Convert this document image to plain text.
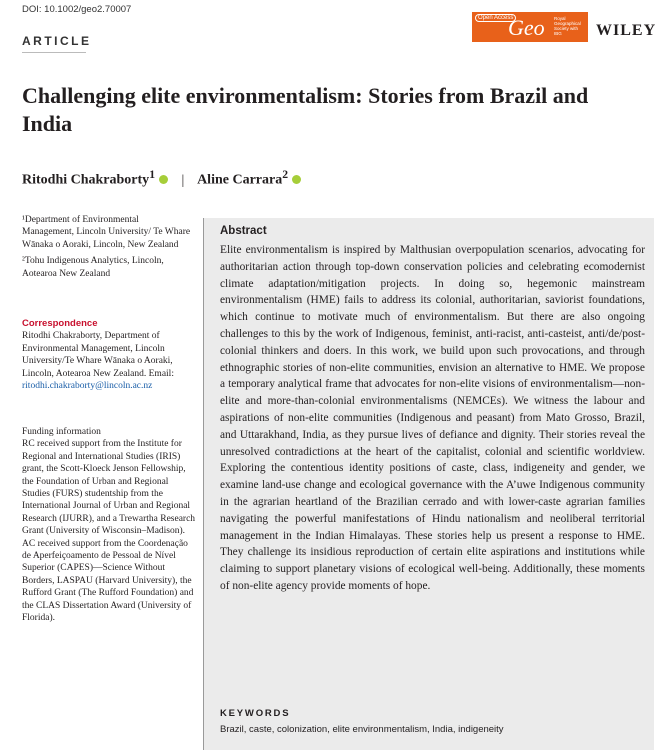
DOI: 10.1002/geo2.70007
ARTICLE
Open Access
Geo Royal Geographical Society with IBG	WILEY
Challenging elite environmentalism: Stories from Brazil and India
Ritodhi Chakraborty$^1$ | Aline Carrara$^2$

¹Department of Environmental Management, Lincoln University/ Te Whare Wānaka o Aoraki, Lincoln, New Zealand

²Tohu Indigenous Analytics, Lincoln, Aotearoa New Zealand

Correspondence
Ritodhi Chakraborty, Department of Environmental Management, Lincoln University/Te Whare Wānaka o Aoraki, Lincoln, Aotearoa New Zealand. Email: ritodhi.chakraborty@lincoln.ac.nz
Funding information
RC received support from the Institute for Regional and International Studies (IRIS) grant, the Scott-Kloeck Jenson Fellowship, the Foundation of Urban and Regional Studies (FURS) studentship from the International Journal of Urban and Regional Research (IJURR), and a Trewartha Research Grant (University of Wisconsin–Madison). AC received support from the Coordenação de Aperfeiçoamento de Pessoal de Nível Superior (CAPES)—Science Without Borders, LASPAU (Harvard University), the Rufford Grant (The Rufford Foundation) and the CLAS Dissertation Award (University of Florida).
Abstract

Elite environmentalism is inspired by Malthusian overpopulation scenarios, advocating for authoritarian action through top-down conservation policies and celebrating ecomodernist climate adaptation/mitigation projects. In doing so, hegemonic mainstream environmentalism (HME) fails to address its colonial, authoritarian, saviorist foundations, which continue to motivate much of environmentalism. But there are also ongoing challenges to this by the work of Indigenous, feminist, anti-racist, anti-casteist, anti/de/post-colonial thinkers and doers. In this work, we build upon such provocations, and through ethnographic stories of non-elite communities, envision an alternative to HME. We propose a temporary analytical frame that advocates for non-elite visions of environmentalism—non-elite and more-than-colonial environmentalisms (NEMCEs). We witness the labour and aspirations of non-elite communities (Indigenous and peasant) from Mato Grosso, Brazil, and Uttarakhand, India, as they pursue lives of defiance and dignity. Their stories reveal the unresolved contradictions at the heart of the capitalist, colonial and scientific worldview. Exploring the contentious identity positions of caste, class, indigeneity and gender, we examine land-use change and ecological governance with the A’uwe Indigenous community in the agrarian heartland of the Brazilian cerrado and with lower-caste agrarian families navigating the powerful manifestations of Hindu nationalism and neoliberal territorial management in the Indian Himalayas. These stories help us present a response to HME. They challenge its insidious reproduction of certain elite aspirations and institutions while claiming to support planetary visions of ecological well-being. Additionally, these moments of non-elite agency provide moments of hope.

KEYWORDS
Brazil, caste, colonization, elite environmentalism, India, indigeneity
